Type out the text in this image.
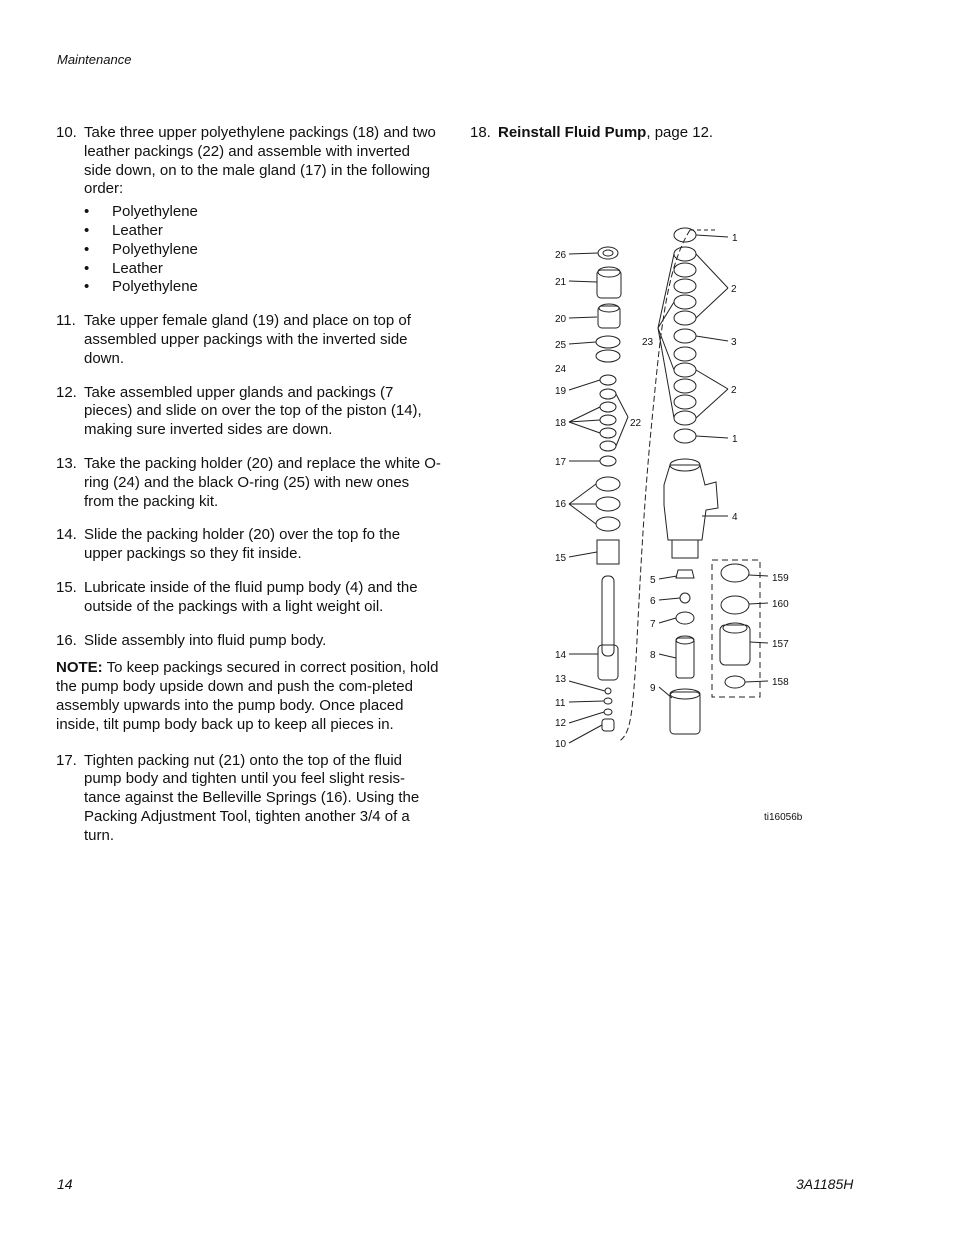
Maintenance
10. Take three upper polyethylene packings (18) and two leather packings (22) and assemble with inverted side down, on to the male gland (17) in the following order:
•	Polyethylene
•	Leather
•	Polyethylene
•	Leather
•	Polyethylene
11. Take upper female gland (19) and place on top of assembled upper packings with the inverted side down.
12. Take assembled upper glands and packings (7 pieces) and slide on over the top of the piston (14), making sure inverted sides are down.
13. Take the packing holder (20) and replace the white O-ring (24) and the black O-ring (25) with new ones from the packing kit.
14. Slide the packing holder (20) over the top fo the upper packings so they fit inside.
15. Lubricate inside of the fluid pump body (4) and the outside of the packings with a light weight oil.
16. Slide assembly into fluid pump body.

NOTE: To keep packings secured in correct position, hold the pump body upside down and push the com-pleted assembly upwards into the pump body. Once placed inside, tilt pump body back up to keep all pieces in.

17. Tighten packing nut (21) onto the top of the fluid pump body and tighten until you feel slight resis-tance against the Belleville Springs (16). Using the Packing Adjustment Tool, tighten another 3/4 of a turn.
18. Reinstall Fluid Pump, page 12.
26
21
20
25
24
19
18	22
17
16
15
14
13
11
12
10
23
1
2
3
2
1
4
5
6
7
8
9
159
160
157
158
ti16056b
14	3A1185H
